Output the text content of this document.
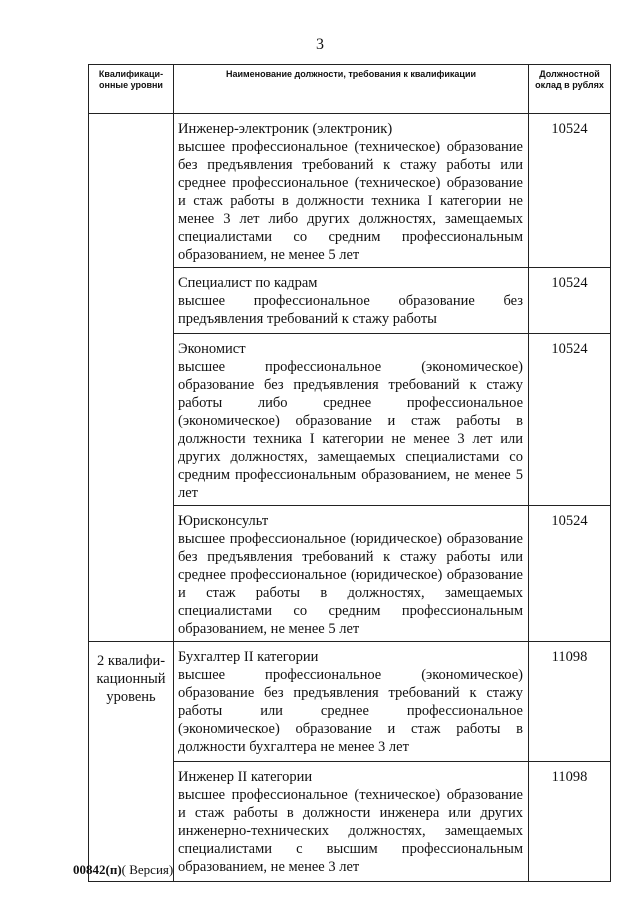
3
Квалификаци-онные уровни	Наименование должности, требования к квалификации	Должностной оклад в рублях

	Инженер-электроник (электроник)
высшее профессиональное (техническое) образование без предъявления требований к стажу работы или среднее профессиональное (техническое) образование и стаж работы в должности техника I категории не менее 3 лет либо других должностях, замещаемых специалистами со средним профессиональным образованием, не менее 5 лет	10524

	Специалист по кадрам
высшее профессиональное образование без предъявления требований к стажу работы	10524

	Экономист
высшее профессиональное (экономическое) образование без предъявления требований к стажу работы либо среднее профессиональное (экономическое) образование и стаж работы в должности техника I категории не менее 3 лет или других должностях, замещаемых специалистами со средним профессиональным образованием, не менее 5 лет	10524

	Юрисконсульт
высшее профессиональное (юридическое) образование без предъявления требований к стажу работы или среднее профессиональное (юридическое) образование и стаж работы в должностях, замещаемых специалистами со средним профессиональным образованием, не менее 5 лет	10524
2 квалифи-кационный уровень	Бухгалтер II категории
высшее профессиональное (экономическое) образование без предъявления требований к стажу работы или среднее профессиональное (экономическое) образование и стаж работы в должности бухгалтера не менее 3 лет	11098

	Инженер II категории
высшее профессиональное (техническое) образование и стаж работы в должности инженера или других инженерно-технических должностях, замещаемых специалистами с высшим профессиональным образованием, не менее 3 лет	11098
00842(п)( Версия)
